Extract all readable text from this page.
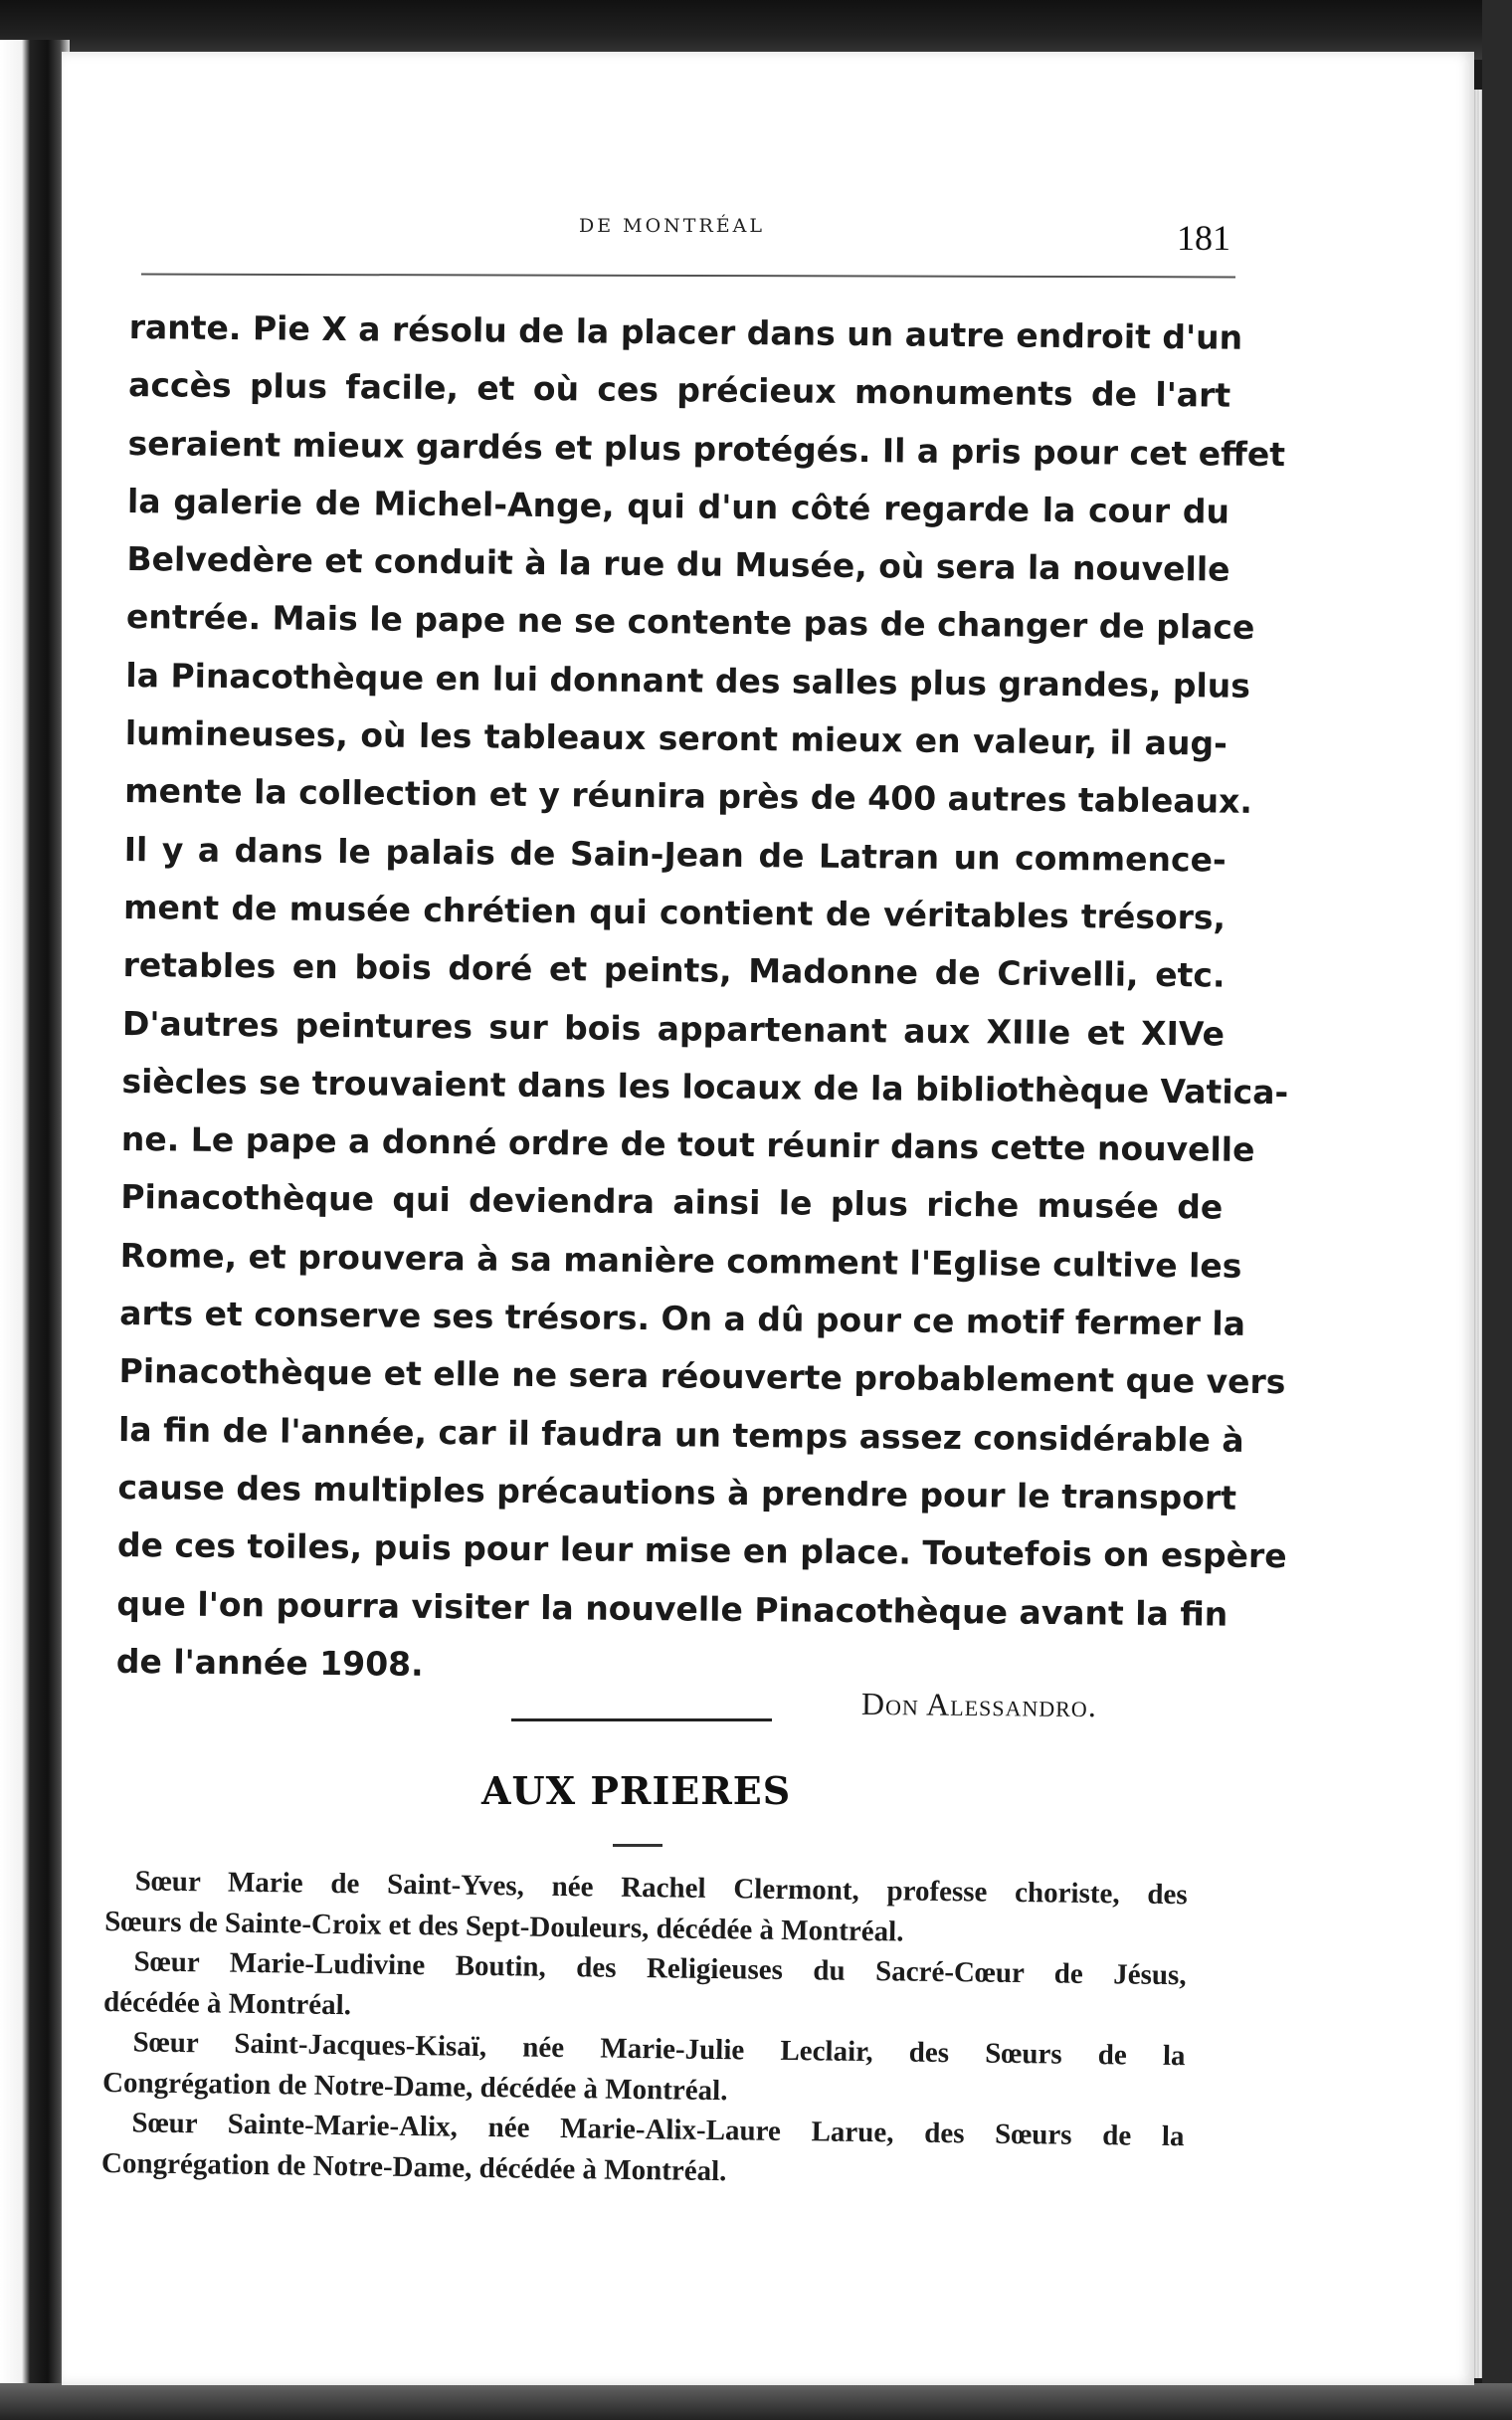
DE MONTRÉAL	181
rante. Pie X a résolu de la placer dans un autre endroit d'un
accès plus facile, et où ces précieux monuments de l'art
seraient mieux gardés et plus protégés. Il a pris pour cet effet
la galerie de Michel-Ange, qui d'un côté regarde la cour du
Belvedère et conduit à la rue du Musée, où sera la nouvelle
entrée. Mais le pape ne se contente pas de changer de place
la Pinacothèque en lui donnant des salles plus grandes, plus
lumineuses, où les tableaux seront mieux en valeur, il aug-
mente la collection et y réunira près de 400 autres tableaux.
Il y a dans le palais de Sain-Jean de Latran un commence-
ment de musée chrétien qui contient de véritables trésors,
retables en bois doré et peints, Madonne de Crivelli, etc.
D'autres peintures sur bois appartenant aux XIIIe et XIVe
siècles se trouvaient dans les locaux de la bibliothèque Vatica-
ne. Le pape a donné ordre de tout réunir dans cette nouvelle
Pinacothèque qui deviendra ainsi le plus riche musée de
Rome, et prouvera à sa manière comment l'Eglise cultive les
arts et conserve ses trésors. On a dû pour ce motif fermer la
Pinacothèque et elle ne sera réouverte probablement que vers
la fin de l'année, car il faudra un temps assez considérable à
cause des multiples précautions à prendre pour le transport
de ces toiles, puis pour leur mise en place. Toutefois on espère
que l'on pourra visiter la nouvelle Pinacothèque avant la fin
de l'année 1908.
Don Alessandro.
AUX PRIERES
Sœur Marie de Saint-Yves, née Rachel Clermont, professe choriste, des
Sœurs de Sainte-Croix et des Sept-Douleurs, décédée à Montréal.
Sœur Marie-Ludivine Boutin, des Religieuses du Sacré-Cœur de Jésus,
décédée à Montréal.
Sœur Saint-Jacques-Kisaï, née Marie-Julie Leclair, des Sœurs de la
Congrégation de Notre-Dame, décédée à Montréal.
Sœur Sainte-Marie-Alix, née Marie-Alix-Laure Larue, des Sœurs de la
Congrégation de Notre-Dame, décédée à Montréal.
